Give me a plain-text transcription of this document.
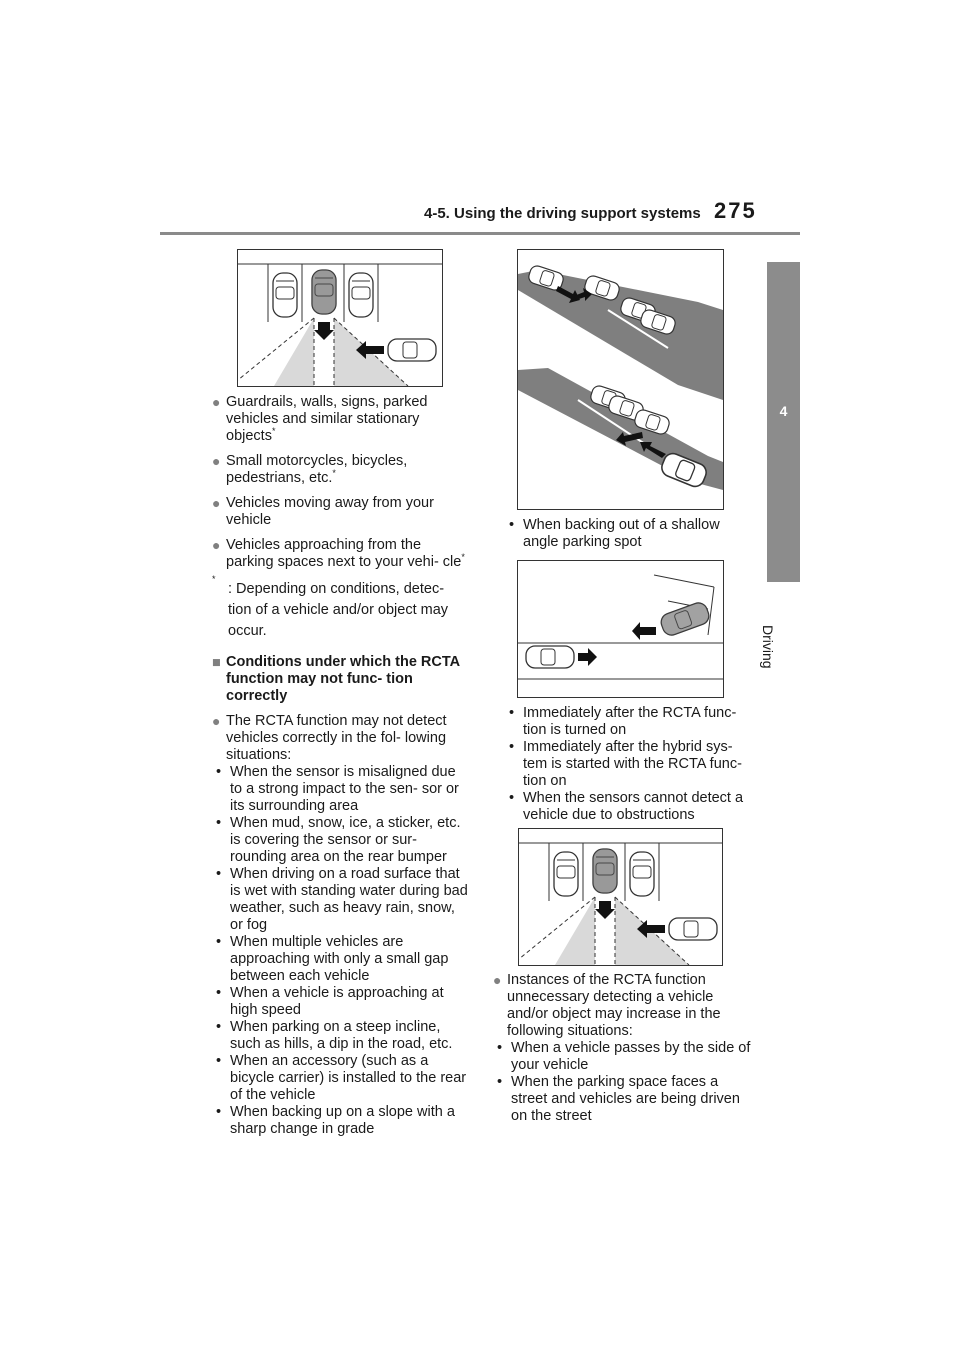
4-5. Using the driving support systems 275
4
Driving
● Guardrails, walls, signs, parked vehicles and similar stationary objects*
● Small motorcycles, bicycles, pedestrians, etc.*
● Vehicles moving away from your vehicle
● Vehicles approaching from the parking spaces next to your vehi- cle*
*
: Depending on conditions, detec- tion of a vehicle and/or object may occur.
■ Conditions under which the RCTA function may not func- tion correctly
● The RCTA function may not detect vehicles correctly in the fol- lowing situations:
• When the sensor is misaligned due to a strong impact to the sen- sor or its surrounding area
• When mud, snow, ice, a sticker, etc. is covering the sensor or sur- rounding area on the rear bumper
• When driving on a road surface that is wet with standing water during bad weather, such as heavy rain, snow, or fog
• When multiple vehicles are approaching with only a small gap between each vehicle
• When a vehicle is approaching at high speed
• When parking on a steep incline, such as hills, a dip in the road, etc.
• When an accessory (such as a bicycle carrier) is installed to the rear of the vehicle
• When backing up on a slope with a sharp change in grade
• When backing out of a shallow angle parking spot
• Immediately after the RCTA func- tion is turned on
• Immediately after the hybrid sys- tem is started with the RCTA func- tion on
• When the sensors cannot detect a vehicle due to obstructions
● Instances of the RCTA function unnecessary detecting a vehicle and/or object may increase in the following situations:
• When a vehicle passes by the side of your vehicle
• When the parking space faces a street and vehicles are being driven on the street
